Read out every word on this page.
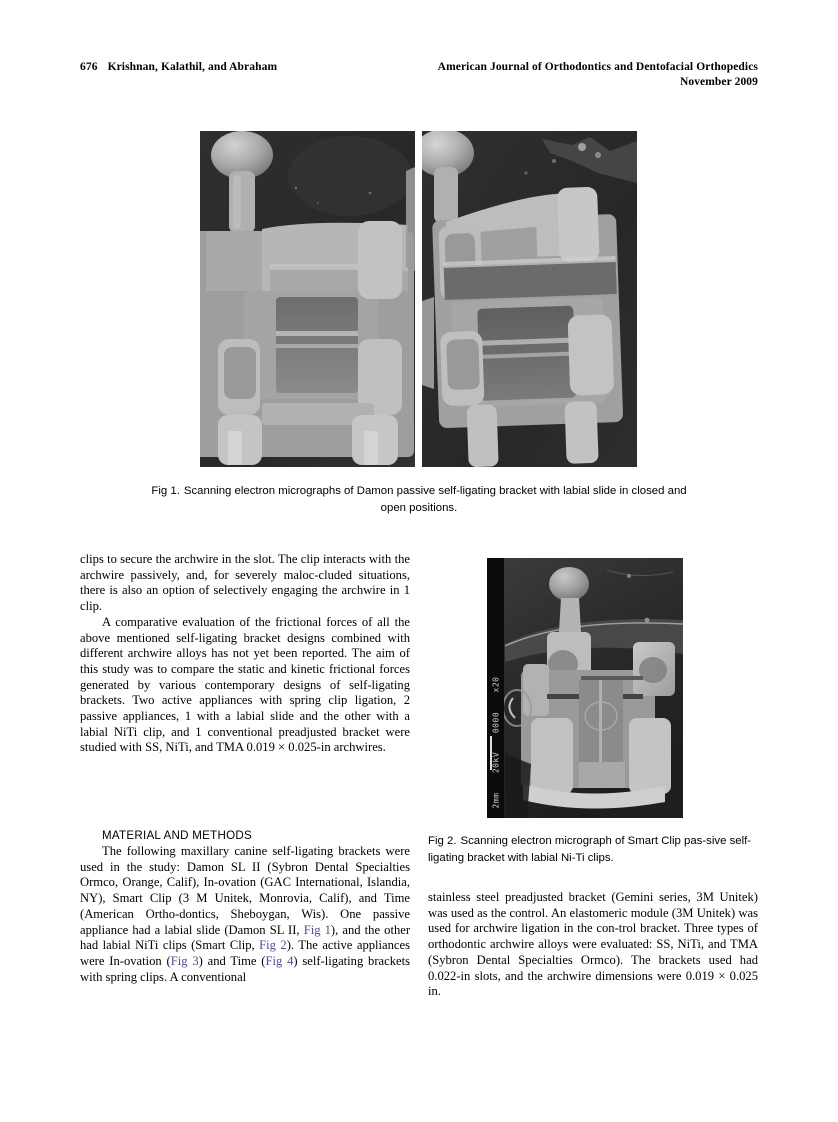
676 Krishnan, Kalathil, and Abraham	American Journal of Orthodontics and Dentofacial Orthopedics
November 2009
Fig 1. Scanning electron micrographs of Damon passive self-ligating bracket with labial slide in closed and open positions.
x20
0000
20kV
2mm
Fig 2. Scanning electron micrograph of Smart Clip pas-sive self-ligating bracket with labial Ni-Ti clips.

clips to secure the archwire in the slot. The clip interacts with the archwire passively, and, for severely maloc-cluded situations, there is also an option of selectively engaging the archwire in 1 clip.

A comparative evaluation of the frictional forces of all the above mentioned self-ligating bracket designs combined with different archwire alloys has not yet been reported. The aim of this study was to compare the static and kinetic frictional forces generated by various contemporary designs of self-ligating brackets. Two active appliances with spring clip ligation, 2 passive appliances, 1 with a labial slide and the other with a labial NiTi clip, and 1 conventional preadjusted bracket were studied with SS, NiTi, and TMA 0.019 × 0.025-in archwires.

MATERIAL AND METHODS

The following maxillary canine self-ligating brackets were used in the study: Damon SL II (Sybron Dental Specialties Ormco, Orange, Calif), In-ovation (GAC International, Islandia, NY), Smart Clip (3 M Unitek, Monrovia, Calif), and Time (American Ortho-dontics, Sheboygan, Wis). One passive appliance had a labial slide (Damon SL II, Fig 1), and the other had labial NiTi clips (Smart Clip, Fig 2). The active appliances were In-ovation (Fig 3) and Time (Fig 4) self-ligating brackets with spring clips. A conventional

stainless steel preadjusted bracket (Gemini series, 3M Unitek) was used as the control. An elastomeric module (3M Unitek) was used for archwire ligation in the con-trol bracket. Three types of orthodontic archwire alloys were evaluated: SS, NiTi, and TMA (Sybron Dental Specialties Ormco). The brackets used had 0.022-in slots, and the archwire dimensions were 0.019 × 0.025 in.
